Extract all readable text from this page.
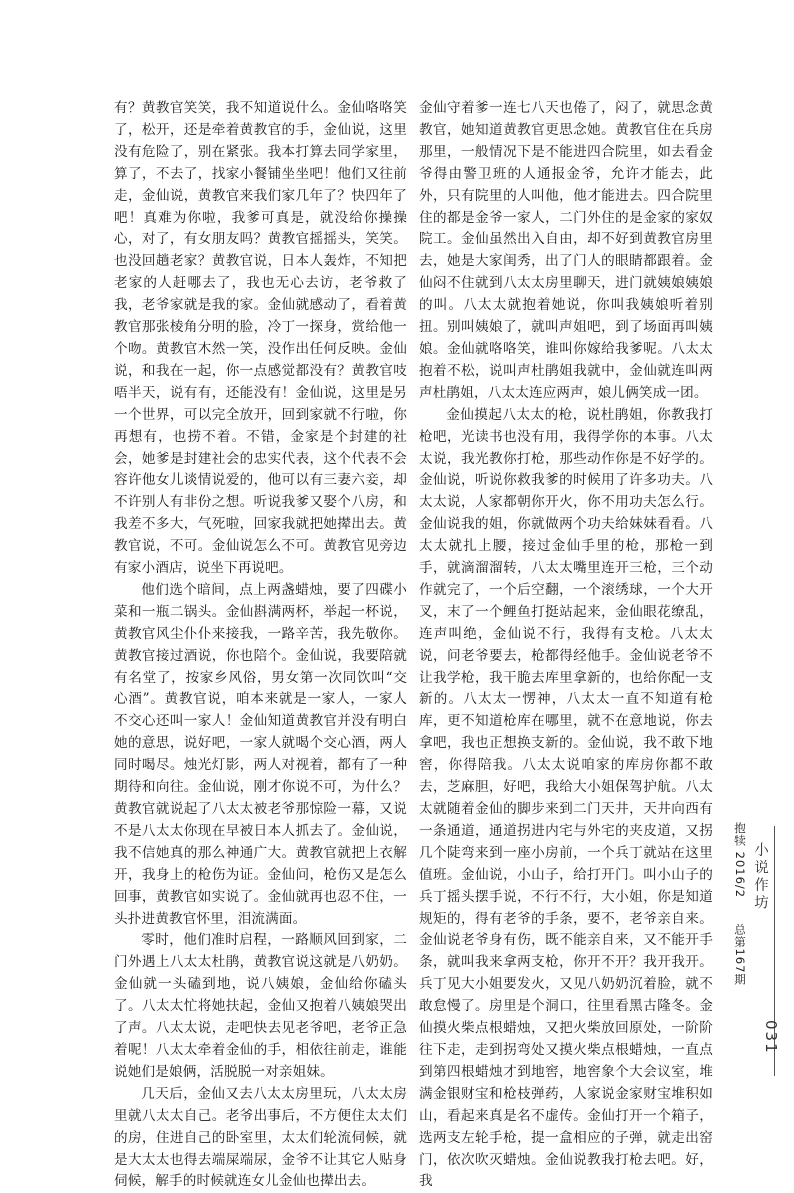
有？黄教官笑笑，我不知道说什么。金仙咯咯笑了，松开，还是牵着黄教官的手，金仙说，这里没有危险了，别在紧张。我本打算去同学家里，算了，不去了，找家小餐铺坐坐吧！他们又往前走，金仙说，黄教官来我们家几年了？快四年了吧！真难为你啦，我爹可真是，就没给你操操心，对了，有女朋友吗？黄教官摇摇头，笑笑。也没回趟老家？黄教官说，日本人轰炸，不知把老家的人赶哪去了，我也无心去访，老爷救了我，老爷家就是我的家。金仙就感动了，看着黄教官那张棱角分明的脸，冷丁一探身，赏给他一个吻。黄教官木然一笑，没作出任何反映。金仙说，和我在一起，你一点感觉都没有？黄教官吱唔半天，说有有，还能没有！金仙说，这里是另一个世界，可以完全放开，回到家就不行啦，你再想有，也捞不着。不错，金家是个封建的社会，她爹是封建社会的忠实代表，这个代表不会容许他女儿谈情说爱的，他可以有三妻六妾，却不许别人有非份之想。听说我爹又娶个八房，和我差不多大，气死啦，回家我就把她撵出去。黄教官说，不可。金仙说怎么不可。黄教官见旁边有家小酒店，说坐下再说吧。

他们选个暗间，点上两盏蜡烛，要了四碟小菜和一瓶二锅头。金仙斟满两杯，举起一杯说，黄教官风尘仆仆来接我，一路辛苦，我先敬你。黄教官接过酒说，你也陪个。金仙说，我要陪就有名堂了，按家乡风俗，男女第一次同饮叫“交心酒”。黄教官说，咱本来就是一家人，一家人不交心还叫一家人！金仙知道黄教官并没有明白她的意思，说好吧，一家人就喝个交心酒，两人同时喝尽。烛光灯影，两人对视着，都有了一种期待和向往。金仙说，刚才你说不可，为什么？黄教官就说起了八太太被老爷那惊险一幕，又说不是八太太你现在早被日本人抓去了。金仙说，我不信她真的那么神通广大。黄教官就把上衣解开，我身上的枪伤为证。金仙问，枪伤又是怎么回事，黄教官如实说了。金仙就再也忍不住，一头扑进黄教官怀里，泪流满面。

零时，他们准时启程，一路顺风回到家，二门外遇上八太太杜鹃，黄教官说这就是八奶奶。金仙就一头磕到地，说八姨娘，金仙给你磕头了。八太太忙将她扶起，金仙又抱着八姨娘哭出了声。八太太说，走吧快去见老爷吧，老爷正急着呢！八太太牵着金仙的手，相依往前走，谁能说她们是娘俩，活脱脱一对亲姐妹。

几天后，金仙又去八太太房里玩，八太太房里就八太太自己。老爷出事后，不方便住太太们的房，住进自己的卧室里，太太们轮流伺候，就是大太太也得去端屎端尿，金爷不让其它人贴身伺候，解手的时候就连女儿金仙也撵出去。

金仙守着爹一连七八天也倦了，闷了，就思念黄教官，她知道黄教官更思念她。黄教官住在兵房那里，一般情况下是不能进四合院里，如去看金爷得由警卫班的人通报金爷，允许才能去，此外，只有院里的人叫他，他才能进去。四合院里住的都是金爷一家人，二门外住的是金家的家奴院工。金仙虽然出入自由，却不好到黄教官房里去，她是大家闺秀，出了门人的眼睛都跟着。金仙闷不住就到八太太房里聊天，进门就姨娘姨娘的叫。八太太就抱着她说，你叫我姨娘听着别扭。别叫姨娘了，就叫声姐吧，到了场面再叫姨娘。金仙就咯咯笑，谁叫你嫁给我爹呢。八太太抱着不松，说叫声杜鹃姐我就中，金仙就连叫两声杜鹃姐，八太太连应两声，娘儿俩笑成一团。

金仙摸起八太太的枪，说杜鹃姐，你教我打枪吧，光读书也没有用，我得学你的本事。八太太说，我光教你打枪，那些动作你是不好学的。金仙说，听说你救我爹的时候用了许多功夫。八太太说，人家都朝你开火，你不用功夫怎么行。金仙说我的姐，你就做两个功夫给妹妹看看。八太太就扎上腰，接过金仙手里的枪，那枪一到手，就滴溜溜转，八太太嘴里连开三枪，三个动作就完了，一个后空翻，一个滚绣球，一个大开叉，末了一个鲤鱼打挺站起来，金仙眼花缭乱，连声叫绝，金仙说不行，我得有支枪。八太太说，问老爷要去，枪都得经他手。金仙说老爷不让我学枪，我干脆去库里拿新的，也给你配一支新的。八太太一愣神，八太太一直不知道有枪库，更不知道枪库在哪里，就不在意地说，你去拿吧，我也正想换支新的。金仙说，我不敢下地窖，你得陪我。八太太说咱家的库房你都不敢去，芝麻胆，好吧，我给大小姐保驾护航。八太太就随着金仙的脚步来到二门天井，天井向西有一条通道，通道拐进内宅与外宅的夹皮道，又拐几个陡弯来到一座小房前，一个兵丁就站在这里值班。金仙说，小山子，给打开门。叫小山子的兵丁摇头摆手说，不行不行，大小姐，你是知道规矩的，得有老爷的手条，要不，老爷亲自来。金仙说老爷身有伤，既不能亲自来，又不能开手条，就叫我来拿两支枪，你开不开？我开我开。兵丁见大小姐要发火，又见八奶奶沉着脸，就不敢怠慢了。房里是个洞口，往里看黑古隆冬。金仙摸火柴点根蜡烛，又把火柴放回原处，一阶阶往下走，走到拐弯处又摸火柴点根蜡烛，一直点到第四根蜡烛才到地窖，地窖象个大会议室，堆满金银财宝和枪枝弹药，人家说金家财宝堆积如山，看起来真是名不虚传。金仙打开一个箱子，选两支左轮手枪，提一盒相应的子弹，就走出窑门，依次吹灭蜡烛。金仙说教我打枪去吧。好，我

抱犊 2016/2  总第167期
小说作坊
031
